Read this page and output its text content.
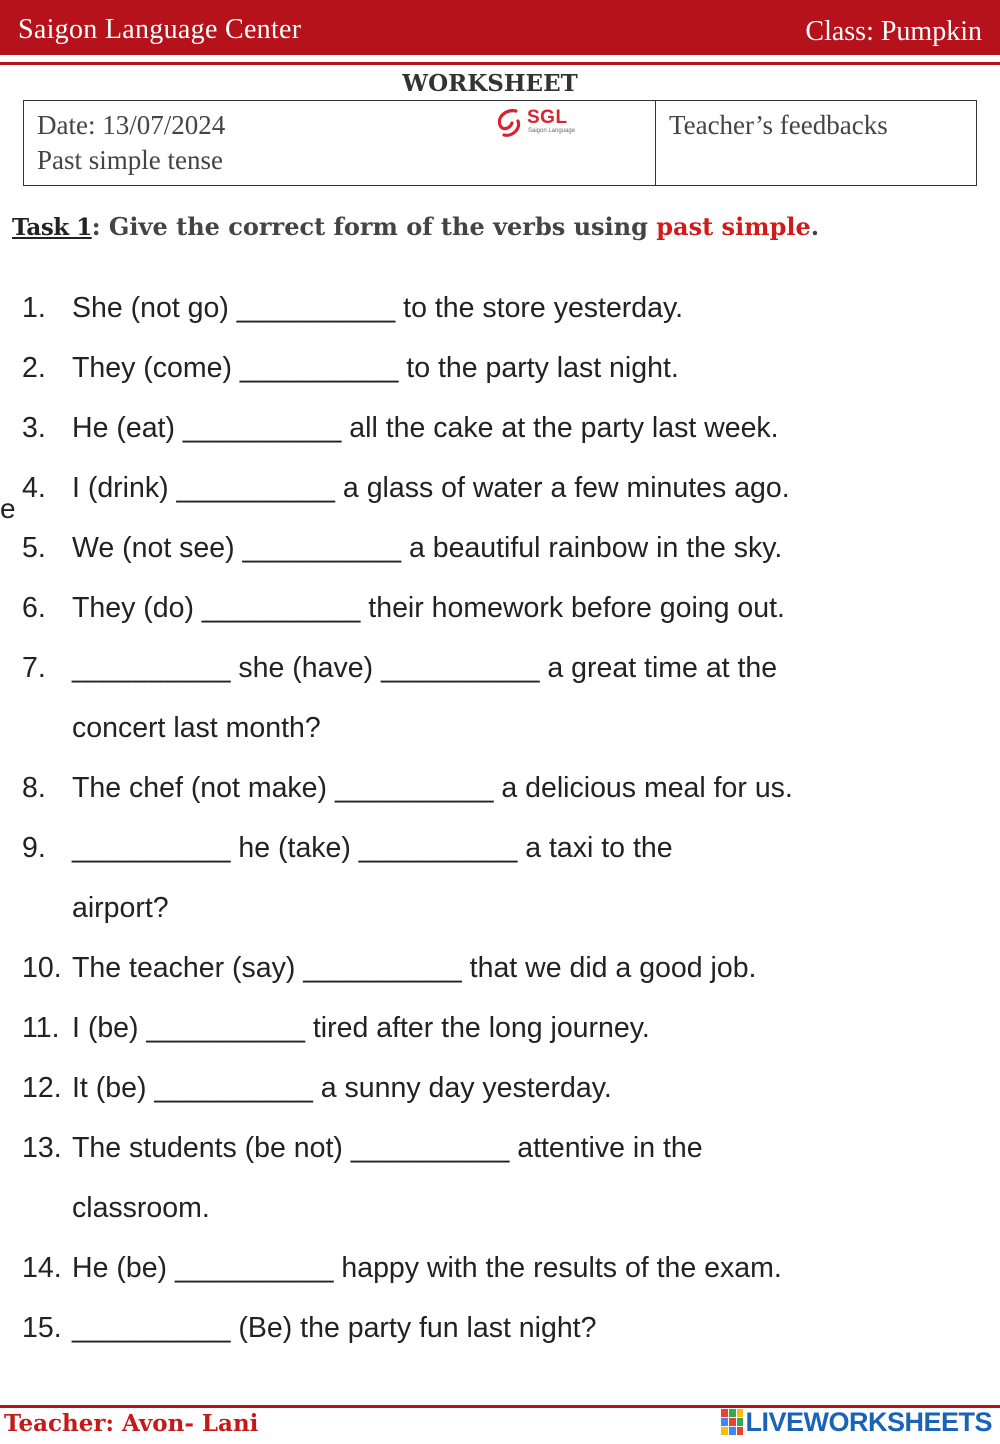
Saigon Language Center	Class: Pumpkin
WORKSHEET
Date: 13/07/2024
Past simple tense
SGL
Saigon Language	Teacher’s feedbacks
Task 1: Give the correct form of the verbs using past simple.
e
1. She (not go) __________ to the store yesterday.
2. They (come) __________ to the party last night.
3. He (eat) __________ all the cake at the party last week.
4. I (drink) __________ a glass of water a few minutes ago.
5. We (not see) __________ a beautiful rainbow in the sky.
6. They (do) __________ their homework before going out.
7. __________ she (have) __________ a great time at the
concert last month?
8. The chef (not make) __________ a delicious meal for us.
9. __________ he (take) __________ a taxi to the
airport?
10. The teacher (say) __________ that we did a good job.
11. I (be) __________ tired after the long journey.
12. It (be) __________ a sunny day yesterday.
13. The students (be not) __________ attentive in the
classroom.
14. He (be) __________ happy with the results of the exam.
15. __________ (Be) the party fun last night?
Teacher: Avon- Lani	LIVEWORKSHEETS
